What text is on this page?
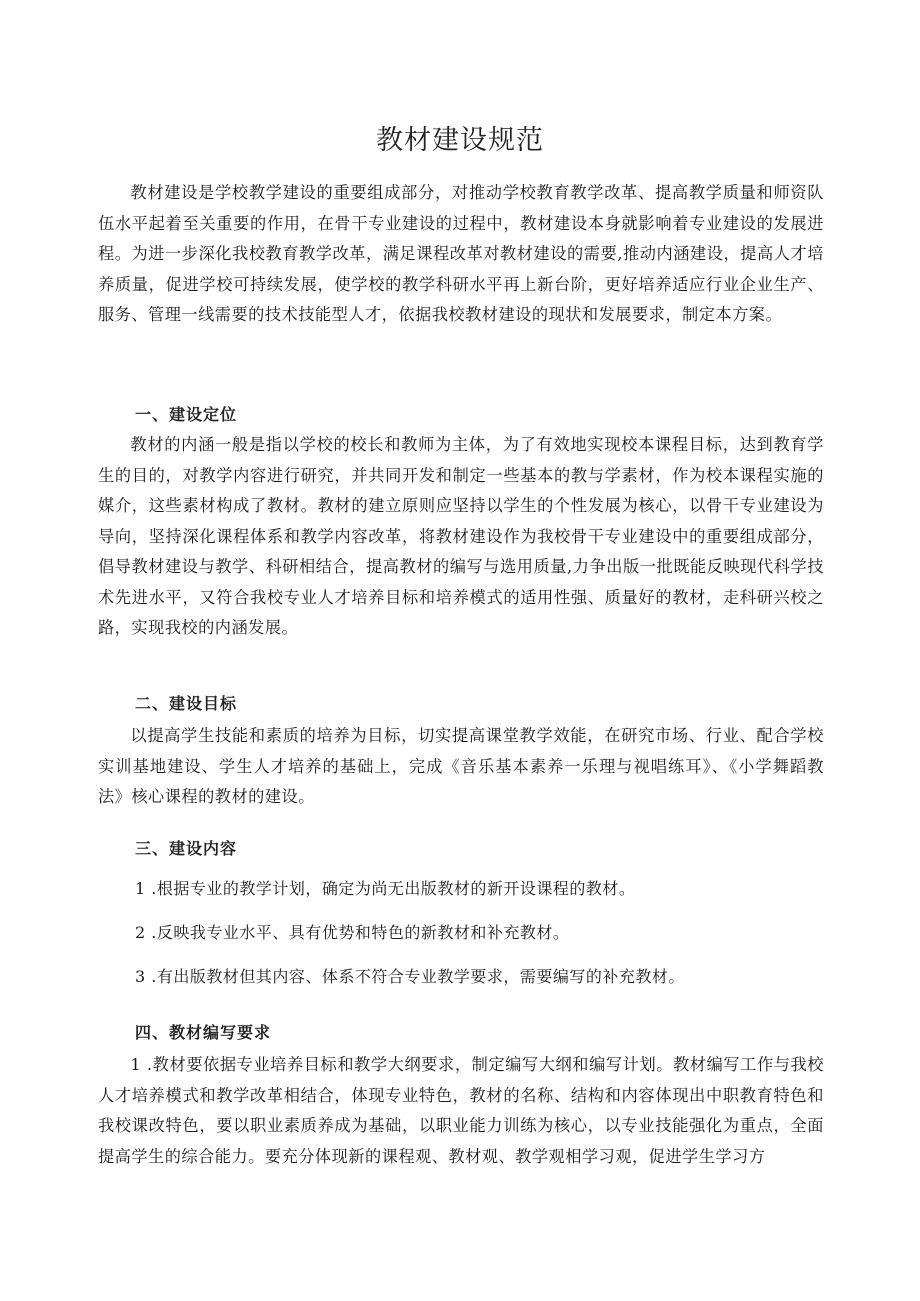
教材建设规范

教材建设是学校教学建设的重要组成部分，对推动学校教育教学改革、提高教学质量和师资队伍水平起着至关重要的作用，在骨干专业建设的过程中，教材建设本身就影响着专业建设的发展进程。为进一步深化我校教育教学改革，满足课程改革对教材建设的需要,推动内涵建设，提高人才培养质量，促进学校可持续发展，使学校的教学科研水平再上新台阶，更好培养适应行业企业生产、服务、管理一线需要的技术技能型人才，依据我校教材建设的现状和发展要求，制定本方案。

一、建设定位

教材的内涵一般是指以学校的校长和教师为主体，为了有效地实现校本课程目标，达到教育学生的目的，对教学内容进行研究，并共同开发和制定一些基本的教与学素材，作为校本课程实施的媒介，这些素材构成了教材。教材的建立原则应坚持以学生的个性发展为核心，以骨干专业建设为导向，坚持深化课程体系和教学内容改革，将教材建设作为我校骨干专业建设中的重要组成部分，倡导教材建设与教学、科研相结合，提高教材的编写与选用质量,力争出版一批既能反映现代科学技术先进水平，又符合我校专业人才培养目标和培养模式的适用性强、质量好的教材，走科研兴校之路，实现我校的内涵发展。

二、建设目标

以提高学生技能和素质的培养为目标，切实提高课堂教学效能，在研究市场、行业、配合学校实训基地建设、学生人才培养的基础上，完成《音乐基本素养一乐理与视唱练耳》、《小学舞蹈教法》核心课程的教材的建设。

三、建设内容

1 .根据专业的教学计划，确定为尚无出版教材的新开设课程的教材。

2 .反映我专业水平、具有优势和特色的新教材和补充教材。

3 .有出版教材但其内容、体系不符合专业教学要求，需要编写的补充教材。

四、教材编写要求

1 .教材要依据专业培养目标和教学大纲要求，制定编写大纲和编写计划。教材编写工作与我校人才培养模式和教学改革相结合，体现专业特色，教材的名称、结构和内容体现出中职教育特色和我校课改特色，要以职业素质养成为基础，以职业能力训练为核心，以专业技能强化为重点，全面提高学生的综合能力。要充分体现新的课程观、教材观、教学观相学习观，促进学生学习方
